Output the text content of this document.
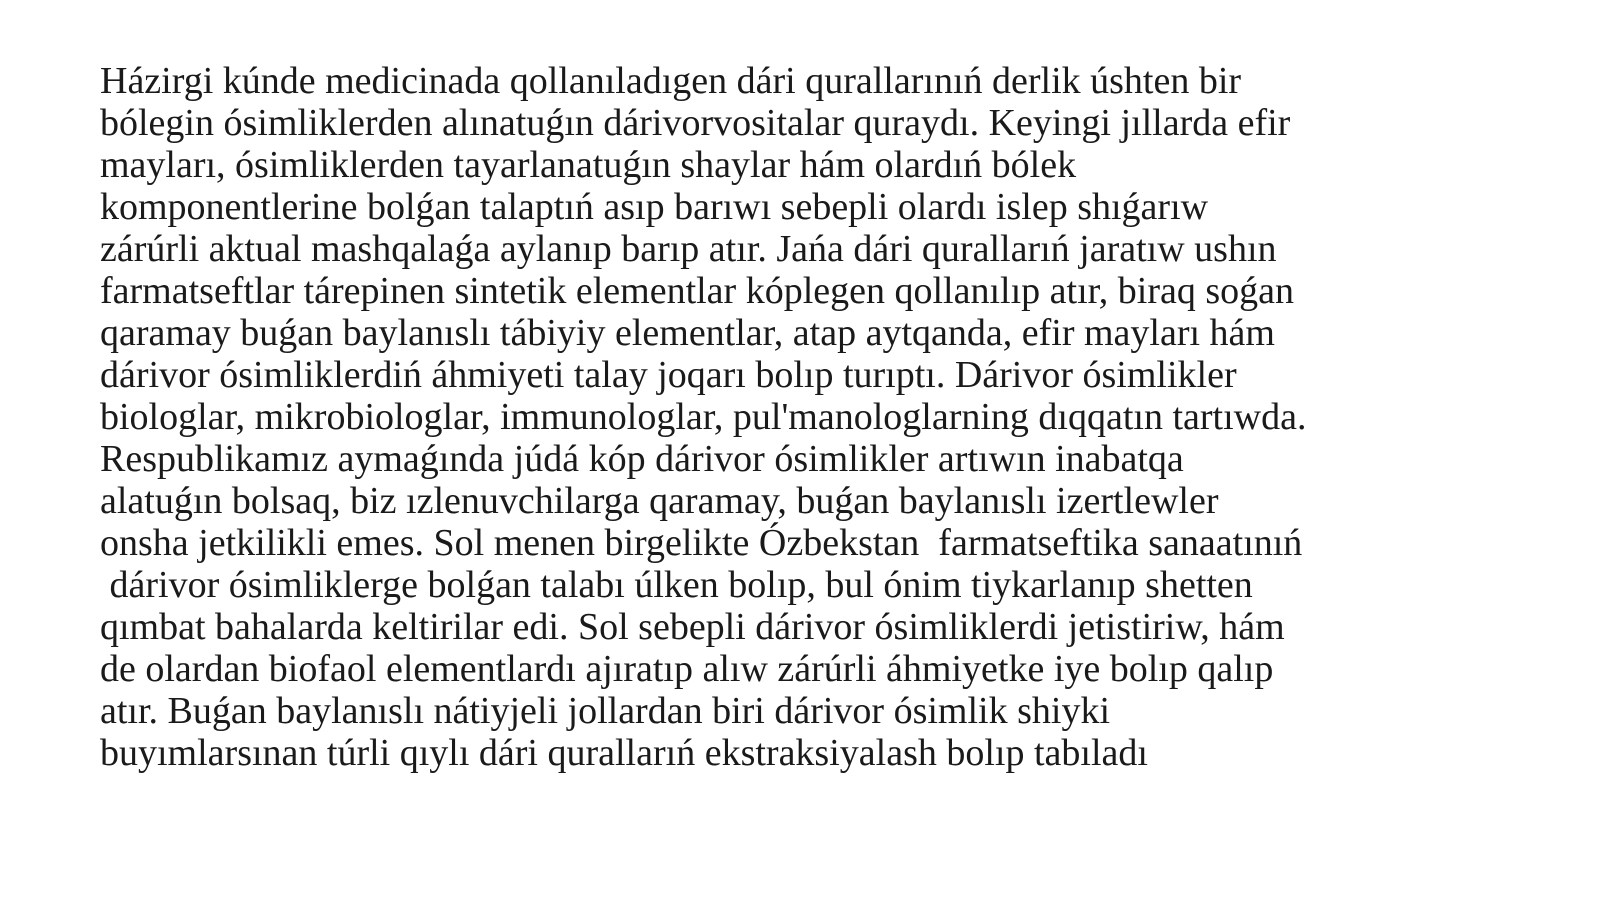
Házirgi kúnde medicinada qollanıladıgen dári qurallarınıń derlik úshten bir
bólegin ósimliklerden alınatuǵın dárivorvositalar quraydı. Keyingi jıllarda efir
mayları, ósimliklerden tayarlanatuǵın shaylar hám olardıń bólek
komponentlerine bolǵan talaptıń asıp barıwı sebepli olardı islep shıǵarıw
zárúrli aktual mashqalaǵa aylanıp barıp atır. Jańa dári qurallarıń jaratıw ushın
farmatseftlar tárepinen sintetik elementlar kóplegen qollanılıp atır, biraq soǵan
qaramay buǵan baylanıslı tábiyiy elementlar, atap aytqanda, efir mayları hám
dárivor ósimliklerdiń áhmiyeti talay joqarı bolıp turıptı. Dárivor ósimlikler
biologlar, mikrobiologlar, immunologlar, pul'manologlarning dıqqatın tartıwda.
Respublikamız aymaǵında júdá kóp dárivor ósimlikler artıwın inabatqa
alatuǵın bolsaq, biz ızlenuvchilarga qaramay, buǵan baylanıslı izertlewler
onsha jetkilikli emes. Sol menen birgelikte Ózbekstan  farmatseftika sanaatınıń
dárivor ósimliklerge bolǵan talabı úlken bolıp, bul ónim tiykarlanıp shetten
qımbat bahalarda keltirilar edi. Sol sebepli dárivor ósimliklerdi jetistiriw, hám
de olardan biofaol elementlardı ajıratıp alıw zárúrli áhmiyetke iye bolıp qalıp
atır. Buǵan baylanıslı nátiyjeli jollardan biri dárivor ósimlik shiyki
buyımlarsınan túrli qıylı dári qurallarıń ekstraksiyalash bolıp tabıladı
